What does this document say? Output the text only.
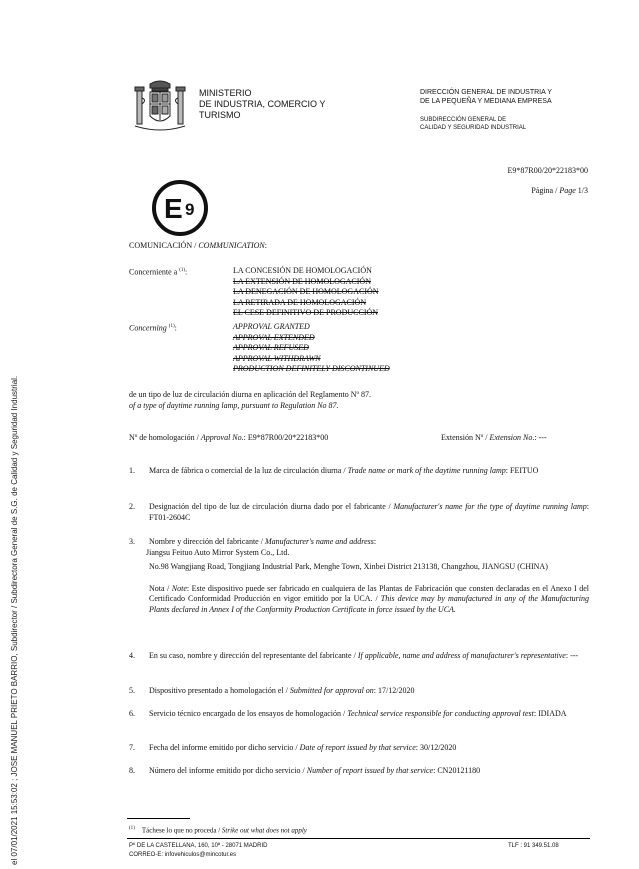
el 07/01/2021 15:53:02 ; JOSE MANUEL PRIETO BARRIO, Subdirector / Subdirectora General de S.G. de Calidad y Seguridad Industrial.
MINISTERIO
DE INDUSTRIA, COMERCIO Y
TURISMO
DIRECCIÓN GENERAL DE INDUSTRIA Y
DE LA PEQUEÑA Y MEDIANA EMPRESA
SUBDIRECCIÓN GENERAL DE
CALIDAD Y SEGURIDAD INDUSTRIAL
E 9
E9*87R00/20*22183*00
Página / Page 1/3
COMUNICACIÓN / COMMUNICATION:
Concerniente a $^{(1)}$:	LA CONCESIÓN DE HOMOLOGACIÓN
LA EXTENSIÓN DE HOMOLOGACIÓN
LA DENEGACIÓN DE HOMOLOGACIÓN
LA RETIRADA DE HOMOLOGACIÓN
EL CESE DEFINITIVO DE PRODUCCIÓN
Concerning $^{(1)}$:	APPROVAL GRANTED
APPROVAL EXTENDED
APPROVAL REFUSED
APPROVAL WITHDRAWN
PRODUCTION DEFINITELY DISCONTINUED
de un tipo de luz de circulación diurna en aplicación del Reglamento Nº 87.
of a type of daytime running lamp, pursuant to Regulation No 87.
Nº de homologación / Approval No.: E9*87R00/20*22183*00	Extensión Nº / Extension No.: ---
1. Marca de fábrica o comercial de la luz de circulación diurna / Trade name or mark of the daytime running lamp: FEITUO
2. Designación del tipo de luz de circulación diurna dado por el fabricante / Manufacturer's name for the type of daytime running lamp: FT01-2604C
3. Nombre y dirección del fabricante / Manufacturer's name and address:
Jiangsu Feituo Auto Mirror System Co., Ltd.
No.98 Wangjiang Road, Tongjiang Industrial Park, Menghe Town, Xinbei District 213138, Changzhou, JIANGSU (CHINA)
Nota / Note: Este dispositivo puede ser fabricado en cualquiera de las Plantas de Fabricación que consten declaradas en el Anexo I del Certificado Conformidad Producción en vigor emitido por la UCA. / This device may by manufactured in any of the Manufacturing Plants declared in Annex I of the Conformity Production Certificate in force issued by the UCA.
4. En su caso, nombre y dirección del representante del fabricante / If applicable, name and address of manufacturer's representative: ---
5. Dispositivo presentado a homologación el / Submitted for approval on: 17/12/2020
6. Servicio técnico encargado de los ensayos de homologación / Technical service responsible for conducting approval test: IDIADA
7. Fecha del informe emitido por dicho servicio / Date of report issued by that service: 30/12/2020
8. Número del informe emitido por dicho servicio / Number of report issued by that service: CN20121180
$^{(1)}$ Táchese lo que no proceda / Strike out what does not apply
Pº DE LA CASTELLANA, 160, 10ª - 28071 MADRID	TLF : 91 349.51.08
CORREO-E: infovehiculos@mincotur.es
